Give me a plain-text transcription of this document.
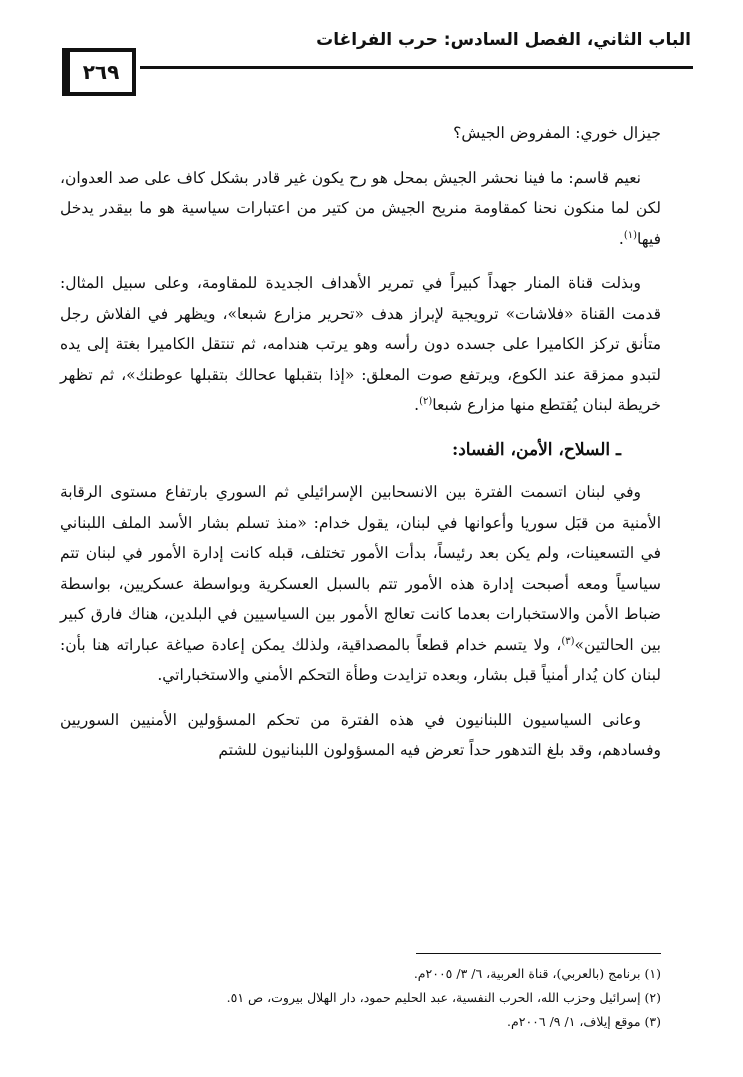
الباب الثاني، الفصل السادس: حرب الفراغات
٢٦٩

جيزال خوري: المفروض الجيش؟

نعيم قاسم: ما فينا نحشر الجيش بمحل هو رح يكون غير قادر بشكل كاف على صد العدوان، لكن لما منكون نحنا كمقاومة منريح الجيش من كتير من اعتبارات سياسية هو ما بيقدر يدخل فيها$^{(١)}$.

وبذلت قناة المنار جهداً كبيراً في تمرير الأهداف الجديدة للمقاومة، وعلى سبيل المثال: قدمت القناة «فلاشات» ترويجية لإبراز هدف «تحرير مزارع شبعا»، ويظهر في الفلاش رجل متأنق تركز الكاميرا على جسده دون رأسه وهو يرتب هندامه، ثم تنتقل الكاميرا بغتة إلى يده لتبدو ممزقة عند الكوع، ويرتفع صوت المعلق: «إذا بتقبلها عحالك بتقبلها عوطنك»، ثم تظهر خريطة لبنان يُقتطع منها مزارع شبعا$^{(٢)}$.

ـ السلاح، الأمن، الفساد:

وفي لبنان اتسمت الفترة بين الانسحابين الإسرائيلي ثم السوري بارتفاع مستوى الرقابة الأمنية من قبَل سوريا وأعوانها في لبنان، يقول خدام: «منذ تسلم بشار الأسد الملف اللبناني في التسعينات، ولم يكن بعد رئيساً، بدأت الأمور تختلف، قبله كانت إدارة الأمور في لبنان تتم سياسياً ومعه أصبحت إدارة هذه الأمور تتم بالسبل العسكرية وبواسطة عسكريين، بواسطة ضباط الأمن والاستخبارات بعدما كانت تعالج الأمور بين السياسيين في البلدين، هناك فارق كبير بين الحالتين»$^{(٣)}$، ولا يتسم خدام قطعاً بالمصداقية، ولذلك يمكن إعادة صياغة عباراته هنا بأن: لبنان كان يُدار أمنياً قبل بشار، وبعده تزايدت وطأة التحكم الأمني والاستخباراتي.

وعانى السياسيون اللبنانيون في هذه الفترة من تحكم المسؤولين الأمنيين السوريين وفسادهم، وقد بلغ التدهور حداً تعرض فيه المسؤولون اللبنانيون للشتم

(١) برنامج (بالعربي)، قناة العربية، ٦/ ٣/ ٢٠٠٥م.
(٢) إسرائيل وحزب الله، الحرب النفسية، عبد الحليم حمود، دار الهلال بيروت، ص ٥١.
(٣) موقع إيلاف، ١/ ٩/ ٢٠٠٦م.
